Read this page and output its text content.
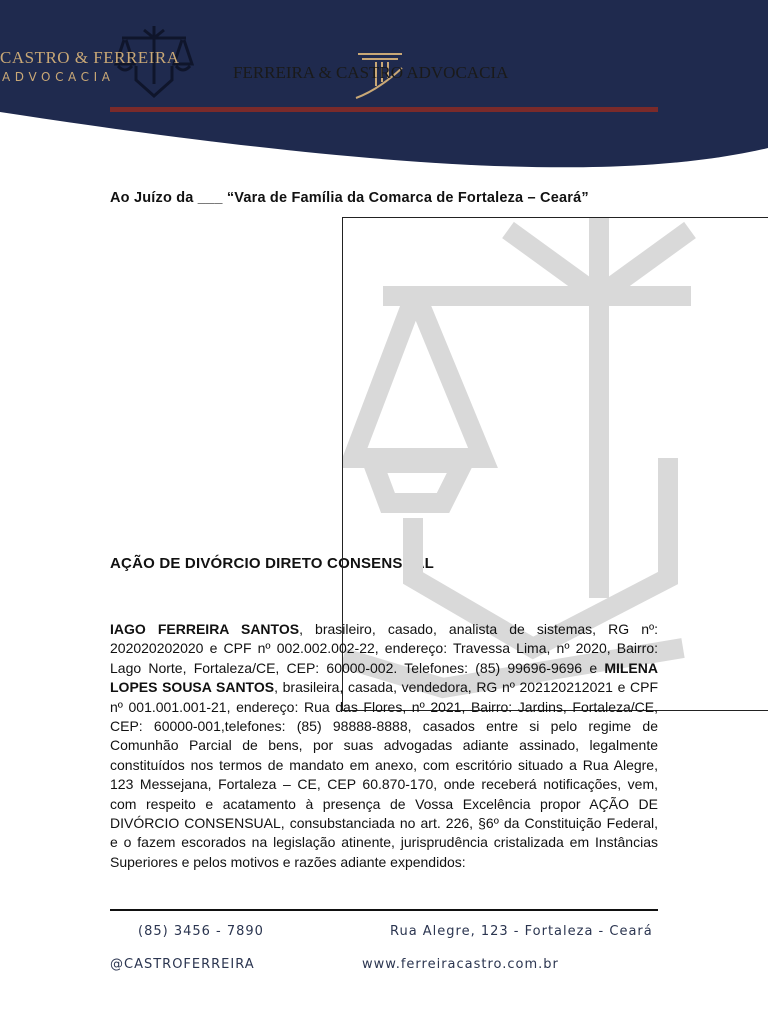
CASTRO & FERREIRA
ADVOCACIA	FERREIRA & CASTRO ADVOCACIA
Ao Juízo da ___ “Vara de Família da Comarca de Fortaleza – Ceará”
AÇÃO DE DIVÓRCIO DIRETO CONSENSUAL
IAGO FERREIRA SANTOS, brasileiro, casado, analista de sistemas, RG nº: 202020202020 e CPF nº 002.002.002-22, endereço: Travessa Lima, nº 2020, Bairro: Lago Norte, Fortaleza/CE, CEP: 60000-002. Telefones: (85) 99696-9696 e MILENA LOPES SOUSA SANTOS, brasileira, casada, vendedora, RG nº 202120212021 e CPF nº 001.001.001-21, endereço: Rua das Flores, nº 2021, Bairro: Jardins, Fortaleza/CE, CEP: 60000-001,telefones: (85) 98888-8888, casados entre si pelo regime de Comunhão Parcial de bens, por suas advogadas adiante assinado, legalmente constituídos nos termos de mandato em anexo, com escritório situado a Rua Alegre, 123 Messejana, Fortaleza – CE, CEP 60.870-170, onde receberá notificações, vem, com respeito e acatamento à presença de Vossa Excelência propor AÇÃO DE DIVÓRCIO CONSENSUAL, consubstanciada no art. 226, §6º da Constituição Federal, e o fazem escorados na legislação atinente, jurisprudência cristalizada em Instâncias Superiores e pelos motivos e razões adiante expendidos:
(85) 3456 - 7890	Rua Alegre, 123 - Fortaleza - Ceará
@CASTROFERREIRA	www.ferreiracastro.com.br
